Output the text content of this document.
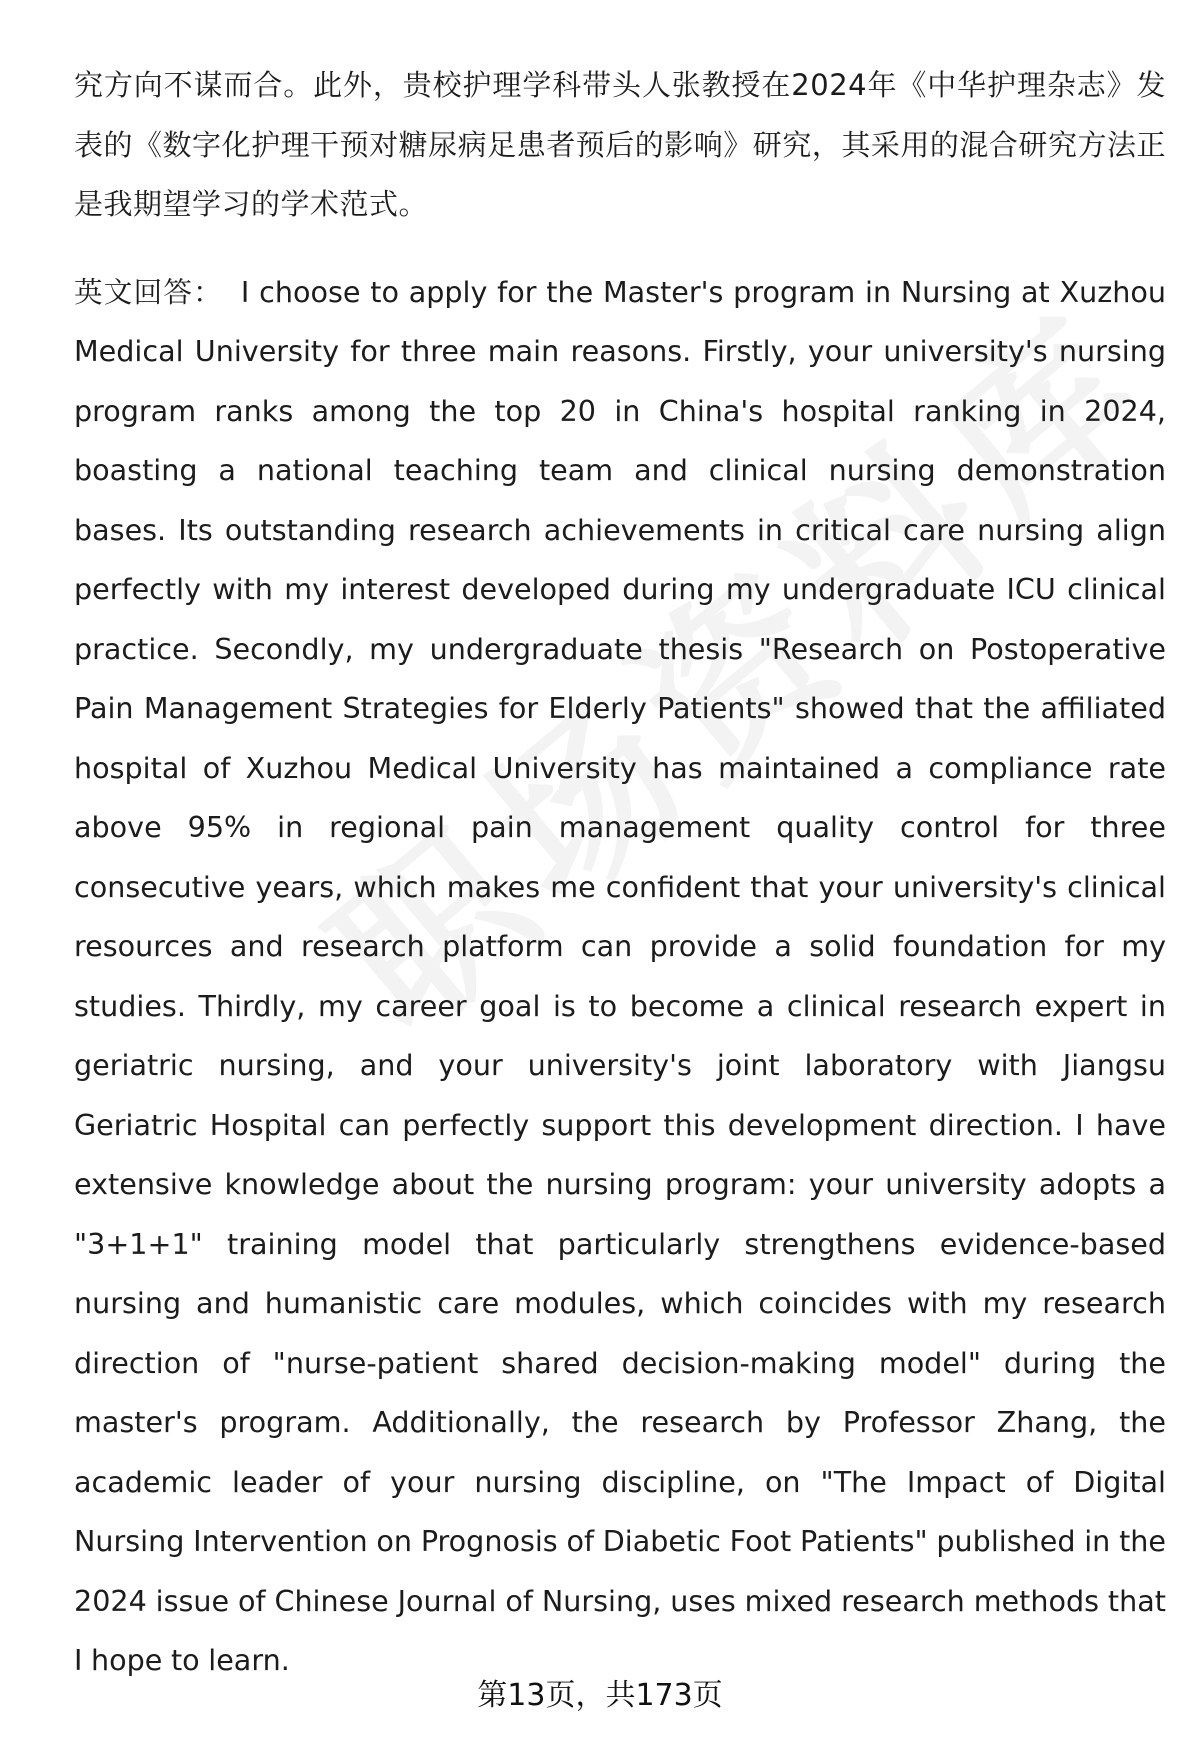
究方向不谋而合。此外，贵校护理学科带头人张教授在2024年《中华护理杂志》发表的《数字化护理干预对糖尿病足患者预后的影响》研究，其采用的混合研究方法正是我期望学习的学术范式。

英文回答： I choose to apply for the Master's program in Nursing at Xuzhou Medical University for three main reasons. Firstly, your university's nursing program ranks among the top 20 in China's hospital ranking in 2024, boasting a national teaching team and clinical nursing demonstration bases. Its outstanding research achievements in critical care nursing align perfectly with my interest developed during my undergraduate ICU clinical practice. Secondly, my undergraduate thesis "Research on Postoperative Pain Management Strategies for Elderly Patients" showed that the affiliated hospital of Xuzhou Medical University has maintained a compliance rate above 95% in regional pain management quality control for three consecutive years, which makes me confident that your university's clinical resources and research platform can provide a solid foundation for my studies. Thirdly, my career goal is to become a clinical research expert in geriatric nursing, and your university's joint laboratory with Jiangsu Geriatric Hospital can perfectly support this development direction. I have extensive knowledge about the nursing program: your university adopts a "3+1+1" training model that particularly strengthens evidence-based nursing and humanistic care modules, which coincides with my research direction of "nurse-patient shared decision-making model" during the master's program. Additionally, the research by Professor Zhang, the academic leader of your nursing discipline, on "The Impact of Digital Nursing Intervention on Prognosis of Diabetic Foot Patients" published in the 2024 issue of Chinese Journal of Nursing, uses mixed research methods that I hope to learn.

第13页，共173页
